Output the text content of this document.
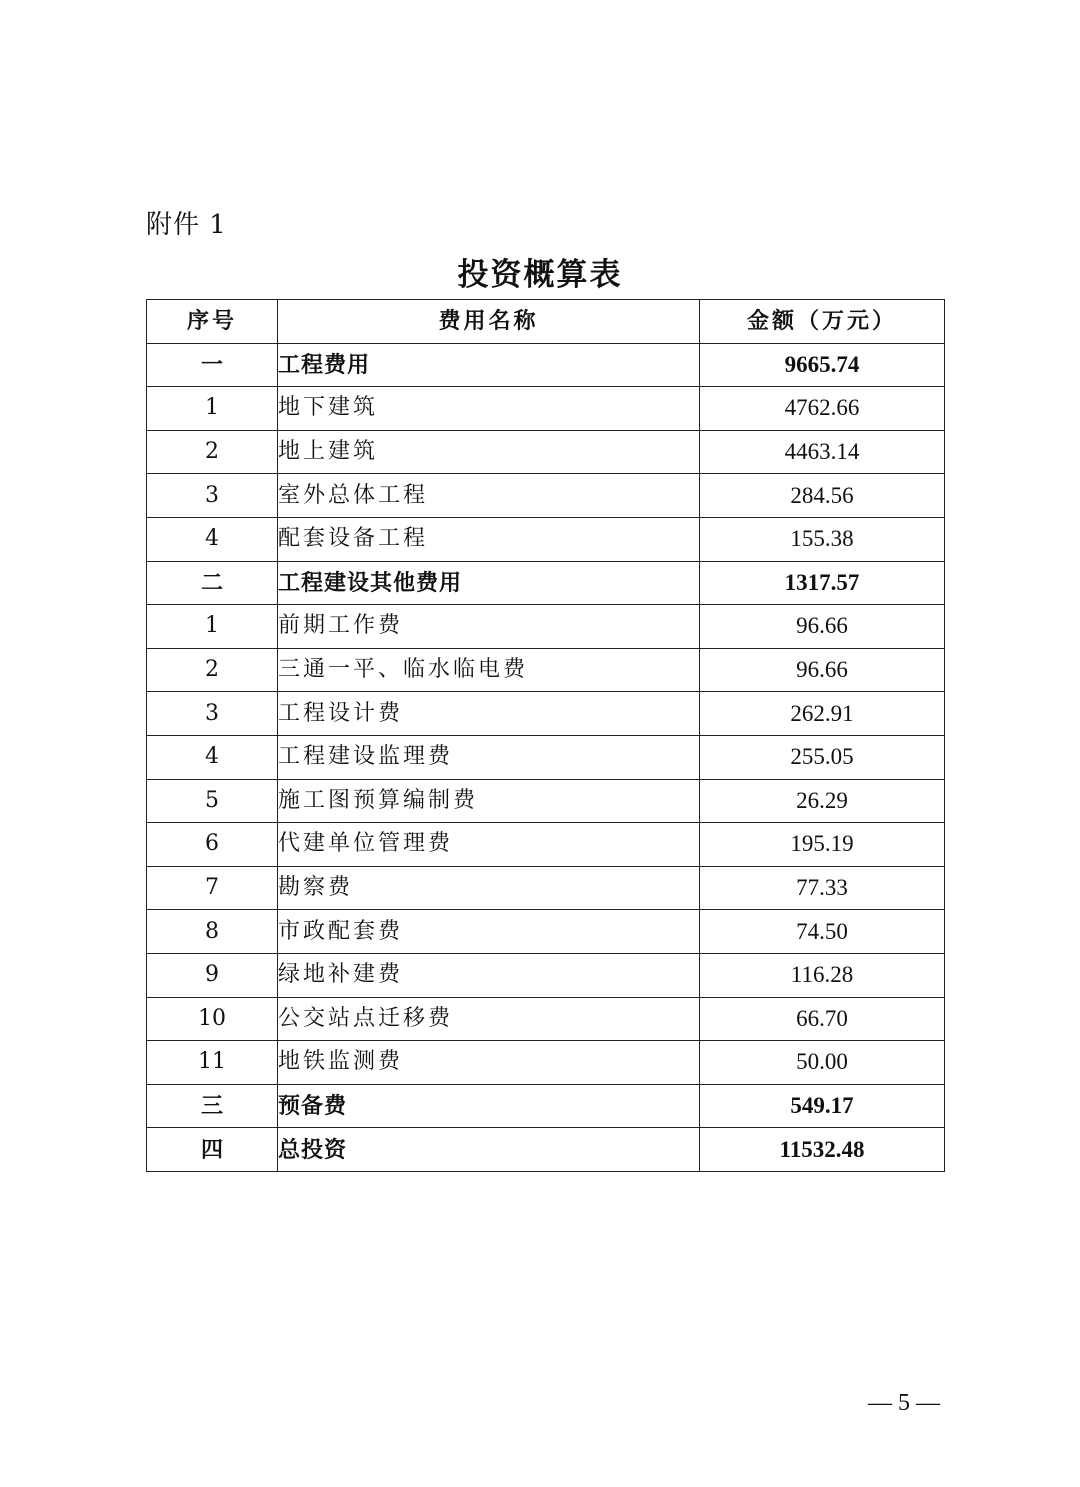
附件 1
投资概算表
序号	费用名称	金额（万元）
一	工程费用	9665.74
1	地下建筑	4762.66
2	地上建筑	4463.14
3	室外总体工程	284.56
4	配套设备工程	155.38
二	工程建设其他费用	1317.57
1	前期工作费	96.66
2	三通一平、临水临电费	96.66
3	工程设计费	262.91
4	工程建设监理费	255.05
5	施工图预算编制费	26.29
6	代建单位管理费	195.19
7	勘察费	77.33
8	市政配套费	74.50
9	绿地补建费	116.28
10	公交站点迁移费	66.70
11	地铁监测费	50.00
三	预备费	549.17
四	总投资	11532.48
— 5 —
